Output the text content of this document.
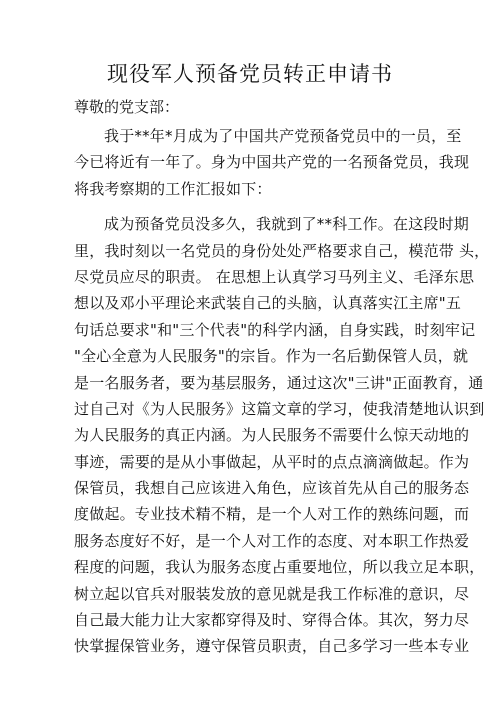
现役军人预备党员转正申请书

尊敬的党支部：

我于**年*月成为了中国共产党预备党员中的一员，至
今已将近有一年了。身为中国共产党的一名预备党员，我现
将我考察期的工作汇报如下：
成为预备党员没多久，我就到了**科工作。在这段时期
里，我时刻以一名党员的身份处处严格要求自己，模范带 头，
尽党员应尽的职责。 在思想上认真学习马列主义、毛泽东思
想以及邓小平理论来武装自己的头脑，认真落实江主席"五
句话总要求"和"三个代表"的科学内涵，自身实践，时刻牢记
"全心全意为人民服务"的宗旨。作为一名后勤保管人员，就
是一名服务者，要为基层服务，通过这次"三讲"正面教育，通
过自己对《为人民服务》这篇文章的学习，使我清楚地认识到
为人民服务的真正内涵。为人民服务不需要什么惊天动地的
事迹，需要的是从小事做起，从平时的点点滴滴做起。作为
保管员，我想自己应该进入角色，应该首先从自己的服务态
度做起。专业技术精不精，是一个人对工作的熟练问题，而
服务态度好不好，是一个人对工作的态度、对本职工作热爱
程度的问题，我认为服务态度占重要地位，所以我立足本职，
树立起以官兵对服装发放的意见就是我工作标准的意识，尽
自己最大能力让大家都穿得及时、穿得合体。其次，努力尽
快掌握保管业务，遵守保管员职责，自己多学习一些本专业
